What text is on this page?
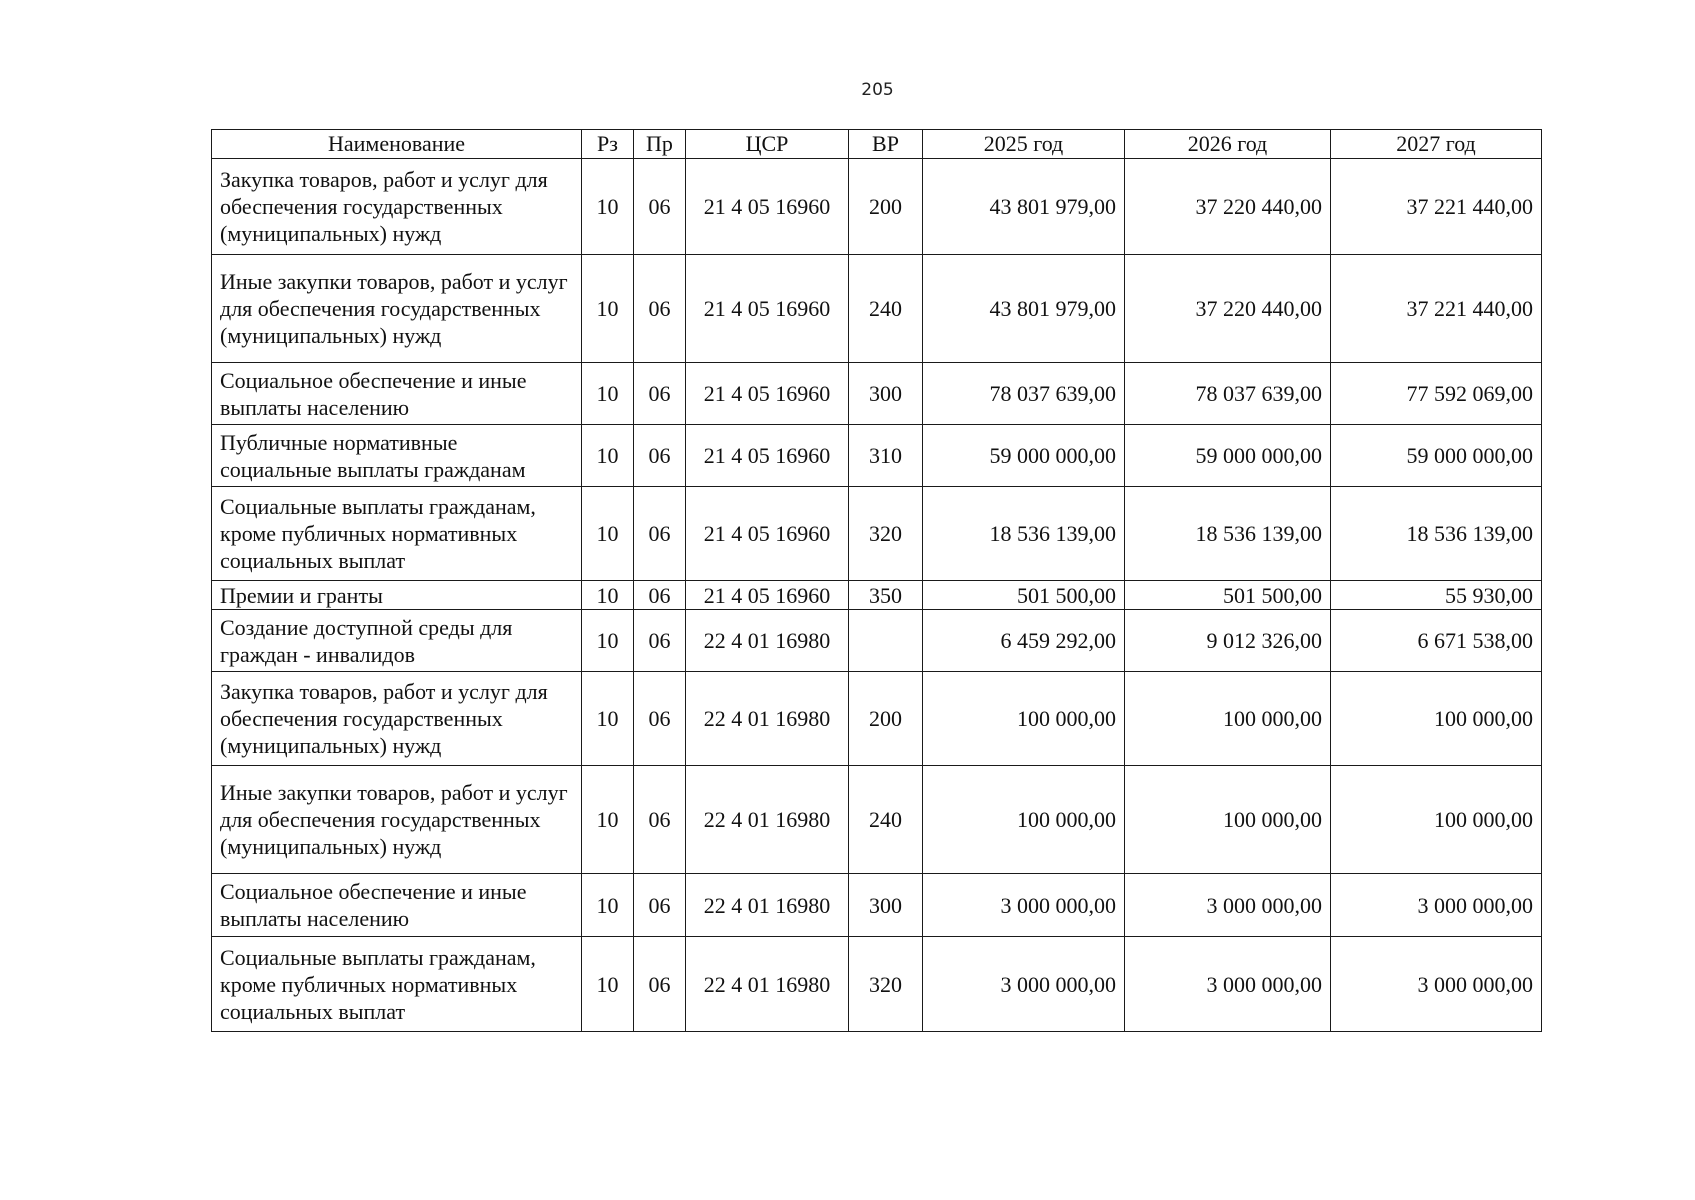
205
Наименование	Рз	Пр	ЦСР	ВР	2025 год	2026 год	2027 год
Закупка товаров, работ и услуг для обеспечения государственных (муниципальных) нужд	10	06	21 4 05 16960	200	43 801 979,00	37 220 440,00	37 221 440,00
Иные закупки товаров, работ и услуг для обеспечения государственных (муниципальных) нужд	10	06	21 4 05 16960	240	43 801 979,00	37 220 440,00	37 221 440,00
Социальное обеспечение и иные выплаты населению	10	06	21 4 05 16960	300	78 037 639,00	78 037 639,00	77 592 069,00
Публичные нормативные социальные выплаты гражданам	10	06	21 4 05 16960	310	59 000 000,00	59 000 000,00	59 000 000,00
Социальные выплаты гражданам, кроме публичных нормативных социальных выплат	10	06	21 4 05 16960	320	18 536 139,00	18 536 139,00	18 536 139,00
Премии и гранты	10	06	21 4 05 16960	350	501 500,00	501 500,00	55 930,00
Создание доступной среды для граждан - инвалидов	10	06	22 4 01 16980		6 459 292,00	9 012 326,00	6 671 538,00
Закупка товаров, работ и услуг для обеспечения государственных (муниципальных) нужд	10	06	22 4 01 16980	200	100 000,00	100 000,00	100 000,00
Иные закупки товаров, работ и услуг для обеспечения государственных (муниципальных) нужд	10	06	22 4 01 16980	240	100 000,00	100 000,00	100 000,00
Социальное обеспечение и иные выплаты населению	10	06	22 4 01 16980	300	3 000 000,00	3 000 000,00	3 000 000,00
Социальные выплаты гражданам, кроме публичных нормативных социальных выплат	10	06	22 4 01 16980	320	3 000 000,00	3 000 000,00	3 000 000,00
